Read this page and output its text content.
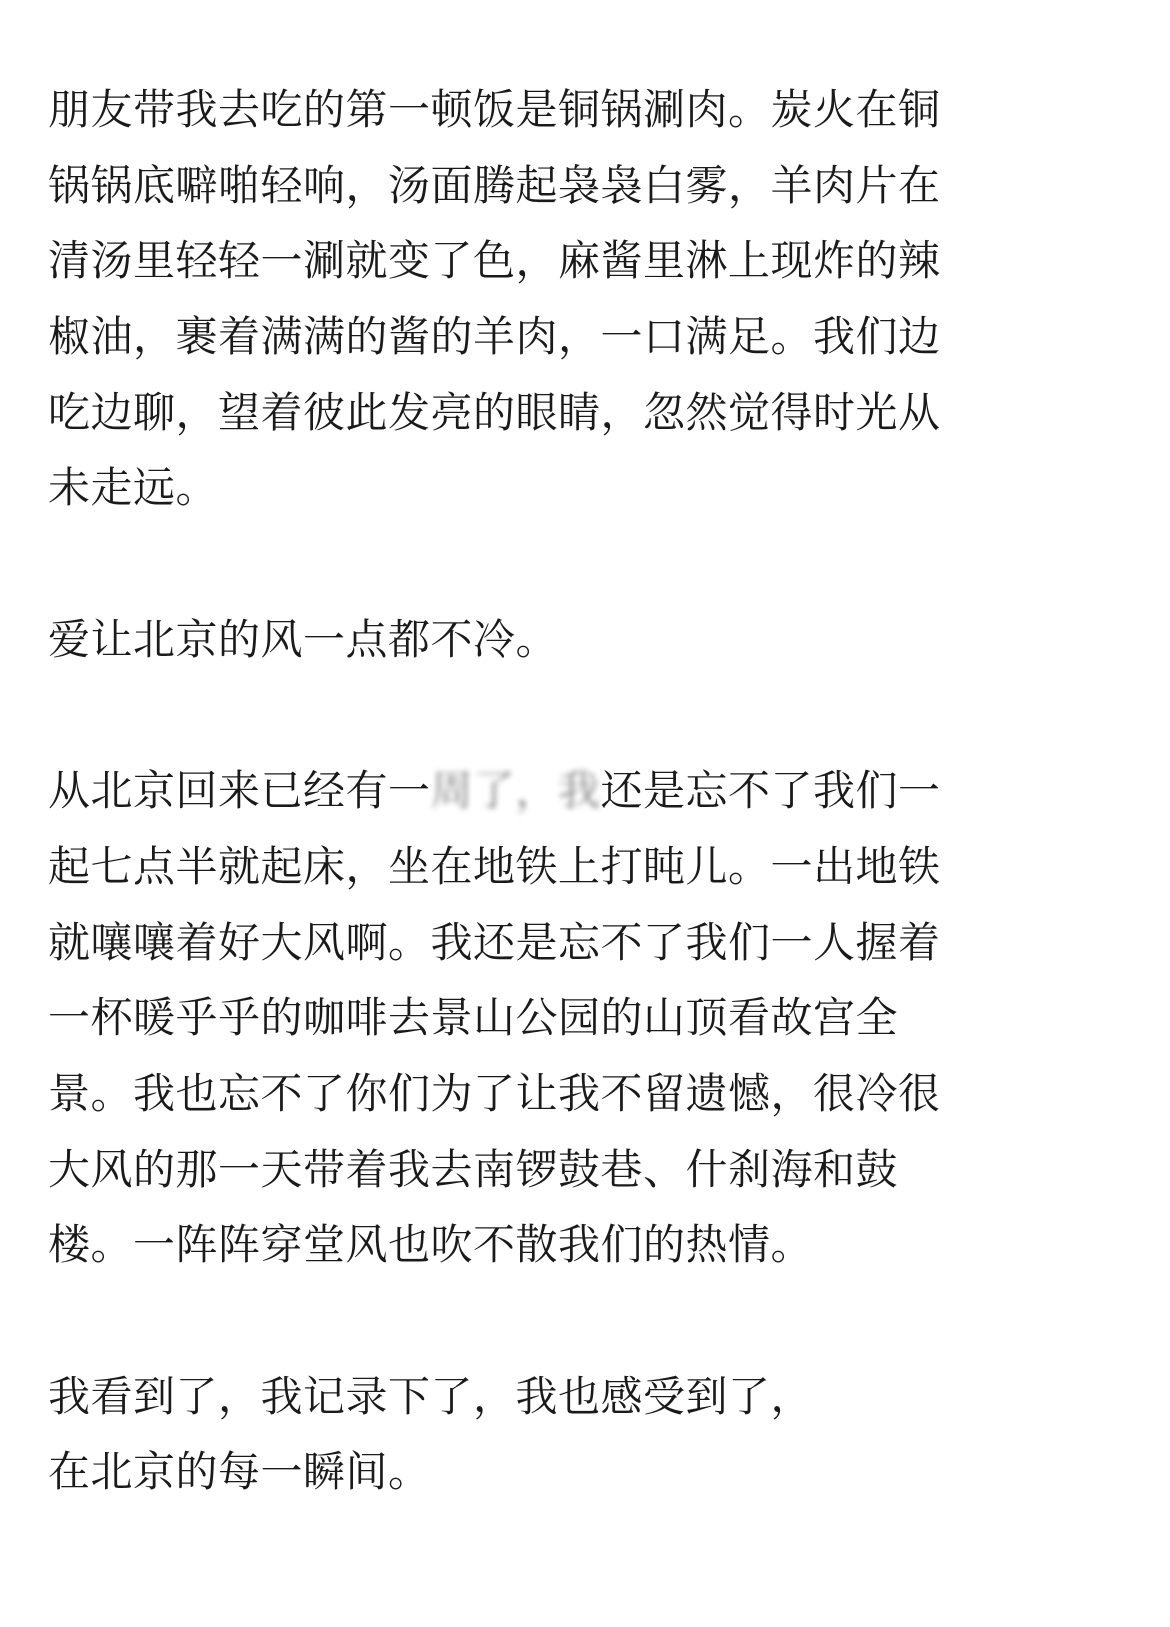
朋友带我去吃的第一顿饭是铜锅涮肉。炭火在铜
锅锅底噼啪轻响，汤面腾起袅袅白雾，羊肉片在
清汤里轻轻一涮就变了色，麻酱里淋上现炸的辣
椒油，裹着满满的酱的羊肉，一口满足。我们边
吃边聊，望着彼此发亮的眼睛，忽然觉得时光从
未走远。
爱让北京的风一点都不冷。
从北京回来已经有一周了，我还是忘不了我们一
起七点半就起床，坐在地铁上打盹儿。一出地铁
就嚷嚷着好大风啊。我还是忘不了我们一人握着
一杯暖乎乎的咖啡去景山公园的山顶看故宫全
景。我也忘不了你们为了让我不留遗憾，很冷很
大风的那一天带着我去南锣鼓巷、什刹海和鼓
楼。一阵阵穿堂风也吹不散我们的热情。
我看到了，我记录下了，我也感受到了，
在北京的每一瞬间。
